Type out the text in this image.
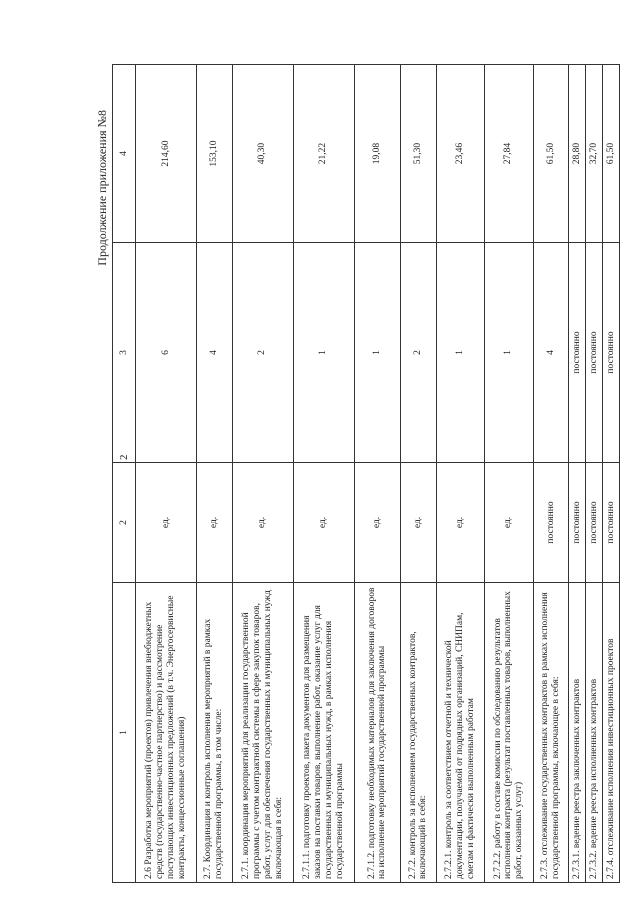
Продолжение приложения №8
2
1	2	3	4
2.6 Разработка мероприятий (проектов) привлечения внебюджетных средств (государственно-частное партнерство) и рассмотрение поступающих инвестиционных предложений (в т.ч. Энергосервисные контракты, концессионные соглашения)	ед.	6	214,60
2.7. Координация и контроль исполнения мероприятий в рамках государственной программы, в том числе:	ед.	4	153,10
2.7.1. координация мероприятий для реализации государственной программы с учетом контрактной системы в сфере закупок товаров, работ, услуг для обеспечения государственных и муниципальных нужд включающая в себя:	ед.	2	40,30
2.7.1.1. подготовку проектов, пакета документов для размещения заказов на поставки товаров, выполнение работ, оказание услуг для государственных и муниципальных нужд, в рамках исполнения государственной программы	ед.	1	21,22
2.7.1.2. подготовку необходимых материалов для заключения договоров на исполнение мероприятий государственной программы	ед.	1	19,08
2.7.2. контроль за исполнением государственных контрактов, включающий в себя:	ед.	2	51,30
2.7.2.1. контроль за соответствием отчетной и технической документации, получаемой от подрядных организаций, СНИПам, сметам и фактически выполненным работам	ед.	1	23,46
2.7.2.2. работу в составе комиссии по обследованию результатов исполнения контракта (результат поставленных товаров, выполненных работ, оказанных услуг)	ед.	1	27,84
2.7.3. отслеживание государственных контрактов в рамках исполнения государственной программы, включающее в себя:	постоянно	4	61,50
2.7.3.1. ведение реестра заключенных контрактов	постоянно	постоянно	28,80
2.7.3.2. ведение реестра исполненных контрактов	постоянно	постоянно	32,70
2.7.4. отслеживание исполнения инвестиционных проектов	постоянно	постоянно	61,50
